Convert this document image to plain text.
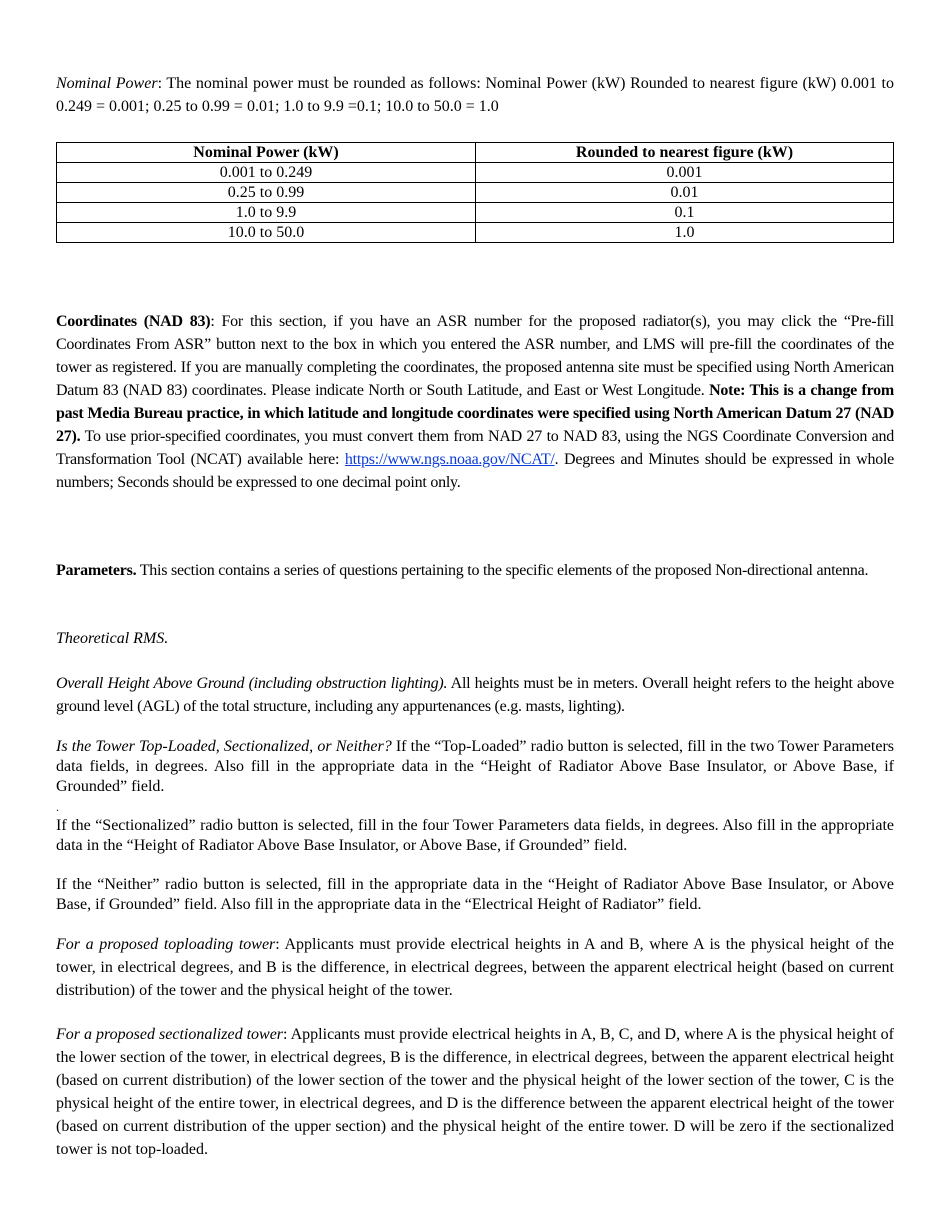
Nominal Power: The nominal power must be rounded as follows: Nominal Power (kW) Rounded to nearest figure (kW) 0.001 to 0.249 = 0.001; 0.25 to 0.99 = 0.01; 1.0 to 9.9 =0.1; 10.0 to 50.0 = 1.0

Nominal Power (kW)	Rounded to nearest figure (kW)
0.001 to 0.249	0.001
0.25 to 0.99	0.01
1.0 to 9.9	0.1
10.0 to 50.0	1.0

Coordinates (NAD 83): For this section, if you have an ASR number for the proposed radiator(s), you may click the “Pre-fill Coordinates From ASR” button next to the box in which you entered the ASR number, and LMS will pre-fill the coordinates of the tower as registered. If you are manually completing the coordinates, the proposed antenna site must be specified using North American Datum 83 (NAD 83) coordinates. Please indicate North or South Latitude, and East or West Longitude. Note: This is a change from past Media Bureau practice, in which latitude and longitude coordinates were specified using North American Datum 27 (NAD 27). To use prior-specified coordinates, you must convert them from NAD 27 to NAD 83, using the NGS Coordinate Conversion and Transformation Tool (NCAT) available here: https://www.ngs.noaa.gov/NCAT/. Degrees and Minutes should be expressed in whole numbers; Seconds should be expressed to one decimal point only.

Parameters. This section contains a series of questions pertaining to the specific elements of the proposed Non-directional antenna.

Theoretical RMS.

Overall Height Above Ground (including obstruction lighting). All heights must be in meters. Overall height refers to the height above ground level (AGL) of the total structure, including any appurtenances (e.g. masts, lighting).

Is the Tower Top-Loaded, Sectionalized, or Neither? If the “Top-Loaded” radio button is selected, fill in the two Tower Parameters data fields, in degrees. Also fill in the appropriate data in the “Height of Radiator Above Base Insulator, or Above Base, if Grounded” field.

.

If the “Sectionalized” radio button is selected, fill in the four Tower Parameters data fields, in degrees. Also fill in the appropriate data in the “Height of Radiator Above Base Insulator, or Above Base, if Grounded” field.

If the “Neither” radio button is selected, fill in the appropriate data in the “Height of Radiator Above Base Insulator, or Above Base, if Grounded” field. Also fill in the appropriate data in the “Electrical Height of Radiator” field.

For a proposed toploading tower: Applicants must provide electrical heights in A and B, where A is the physical height of the tower, in electrical degrees, and B is the difference, in electrical degrees, between the apparent electrical height (based on current distribution) of the tower and the physical height of the tower.

For a proposed sectionalized tower: Applicants must provide electrical heights in A, B, C, and D, where A is the physical height of the lower section of the tower, in electrical degrees, B is the difference, in electrical degrees, between the apparent electrical height (based on current distribution) of the lower section of the tower and the physical height of the lower section of the tower, C is the physical height of the entire tower, in electrical degrees, and D is the difference between the apparent electrical height of the tower (based on current distribution of the upper section) and the physical height of the entire tower. D will be zero if the sectionalized tower is not top-loaded.
